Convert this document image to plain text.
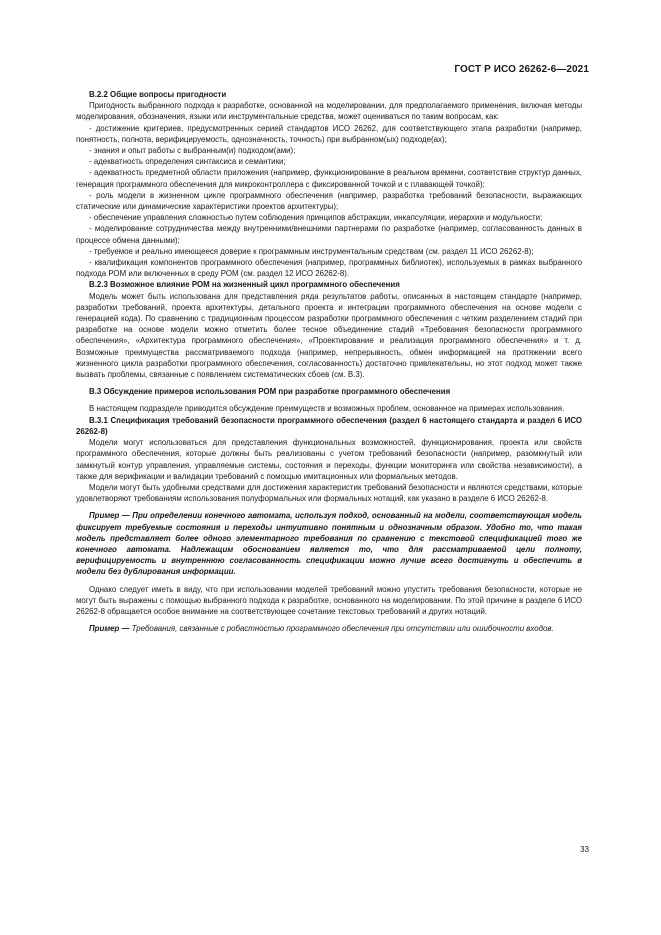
ГОСТ Р ИСО 26262-6—2021

B.2.2 Общие вопросы пригодности

Пригодность выбранного подхода к разработке, основанной на моделировании, для предполагаемого применения, включая методы моделирования, обозначения, языки или инструментальные средства, может оцениваться по таким вопросам, как:

- достижение критериев, предусмотренных серией стандартов ИСО 26262, для соответствующего этапа разработки (например, понятность, полнота, верифицируемость, однозначность, точность) при выбранном(ых) подходе(ах);

- знания и опыт работы с выбранным(и) подходом(ами);

- адекватность определения синтаксиса и семантики;

- адекватность предметной области приложения (например, функционирование в реальном времени, соответствие структур данных, генерация программного обеспечения для микроконтроллера с фиксированной точкой и с плавающей точкой);

- роль модели в жизненном цикле программного обеспечения (например, разработка требований безопасности, выражающих статические или динамические характеристики проектов архитектуры);

- обеспечение управления сложностью путем соблюдения принципов абстракции, инкапсуляции, иерархии и модульности;

- моделирование сотрудничества между внутренними/внешними партнерами по разработке (например, согласованность данных в процессе обмена данными);

- требуемое и реально имеющееся доверие к программным инструментальным средствам (см. раздел 11 ИСО 26262-8);

- квалификация компонентов программного обеспечения (например, программных библиотек), используемых в рамках выбранного подхода РОМ или включенных в среду РОМ (см. раздел 12 ИСО 26262-8).

B.2.3 Возможное влияние РОМ на жизненный цикл программного обеспечения

Модель может быть использована для представления ряда результатов работы, описанных в настоящем стандарте (например, разработки требований, проекта архитектуры, детального проекта и интеграции программного обеспечения на основе модели с генерацией кода). По сравнению с традиционным процессом разработки программного обеспечения с четким разделением стадий при разработке на основе модели можно отметить более тесное объединение стадий «Требования безопасности программного обеспечения», «Архитектура программного обеспечения», «Проектирование и реализация программного обеспечения» и т. д. Возможные преимущества рассматриваемого подхода (например, непрерывность, обмен информацией на протяжении всего жизненного цикла разработки программного обеспечения, согласованность) достаточно привлекательны, но этот подход может также вызвать проблемы, связанные с появлением систематических сбоев (см. В.3).

B.3 Обсуждение примеров использования РОМ при разработке программного обеспечения

В настоящем подразделе приводится обсуждение преимуществ и возможных проблем, основанное на примерах использования.

B.3.1 Спецификация требований безопасности программного обеспечения (раздел 6 настоящего стандарта и раздел 6 ИСО 26262-8)

Модели могут использоваться для представления функциональных возможностей, функционирования, проекта или свойств программного обеспечения, которые должны быть реализованы с учетом требований безопасности (например, разомкнутый или замкнутый контур управления, управляемые системы, состояния и переходы, функции мониторинга или свойства независимости), а также для верификации и валидации требований с помощью имитационных или формальных методов.

Модели могут быть удобными средствами для достижения характеристик требований безопасности и являются средствами, которые удовлетворяют требованиям использования полуформальных или формальных нотаций, как указано в разделе 6 ИСО 26262-8.

Пример — При определении конечного автомата, используя подход, основанный на модели, соответствующая модель фиксирует требуемые состояния и переходы интуитивно понятным и однозначным образом. Удобно то, что такая модель представляет более одного элементарного требования по сравнению с текстовой спецификацией того же конечного автомата. Надлежащим обоснованием является то, что для рассматриваемой цели полноту, верифицируемость и внутреннюю согласованность спецификации можно лучше всего достигнуть и обеспечить в модели без дублирования информации.

Однако следует иметь в виду, что при использовании моделей требований можно упустить требования безопасности, которые не могут быть выражены с помощью выбранного подхода к разработке, основанного на моделировании. По этой причине в разделе 6 ИСО 26262-8 обращается особое внимание на соответствующее сочетание текстовых требований и других нотаций.

Пример — Требования, связанные с робастностью программного обеспечения при отсутствии или ошибочности входов.

33
